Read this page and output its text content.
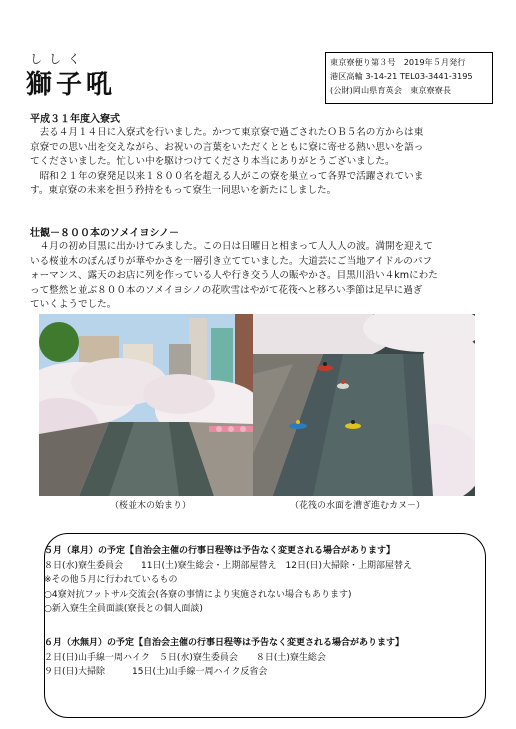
ししく
獅子吼
東京寮便り第３号　2019年５月発行
港区高輪 3-14-21 TEL03-3441-3195
(公財)岡山県育英会　東京寮寮長
平成３１年度入寮式

去る４月１４日に入寮式を行いました。かつて東京寮で過ごされたＯＢ５名の方からは東

京寮での思い出を交えながら、お祝いの言葉をいただくとともに寮に寄せる熱い思いを語っ

てくださいました。忙しい中を駆けつけてくださり本当にありがとうございました。

昭和２１年の寮発足以来１８００名を超える人がこの寮を巣立って各界で活躍されていま

す。東京寮の未来を担う矜持をもって寮生一同思いを新たにしました。

壮観－８００本のソメイヨシノ－

４月の初め目黒に出かけてみました。この日は日曜日と相まって人人人の波。満開を迎えて

いる桜並木のぼんぼりが華やかさを一層引き立てていました。大道芸にご当地アイドルのパフ

ォーマンス、露天のお店に列を作っている人や行き交う人の賑やかさ。目黒川沿い４kmにわた

って整然と並ぶ８００本のソメイヨシノの花吹雪はやがて花筏へと移ろい季節は足早に過ぎ

ていくようでした。

（桜並木の始まり）	（花筏の水面を漕ぎ進むカヌ－）
５月（皐月）の予定【自治会主催の行事日程等は予告なく変更される場合があります】
８日(水)寮生委員会　　11日(土)寮生総会・上期部屋替え　12日(日)大掃除・上期部屋替え
※その他５月に行われているもの
○4寮対抗フットサル交流会(各寮の事情により実施されない場合もあります)
○新入寮生全員面談(寮長との個人面談)
６月（水無月）の予定【自治会主催の行事日程等は予告なく変更される場合があります】
２日(日)山手線一周ハイク　５日(水)寮生委員会　　８日(土)寮生総会
９日(日)大掃除　　　15日(土)山手線一周ハイク反省会
